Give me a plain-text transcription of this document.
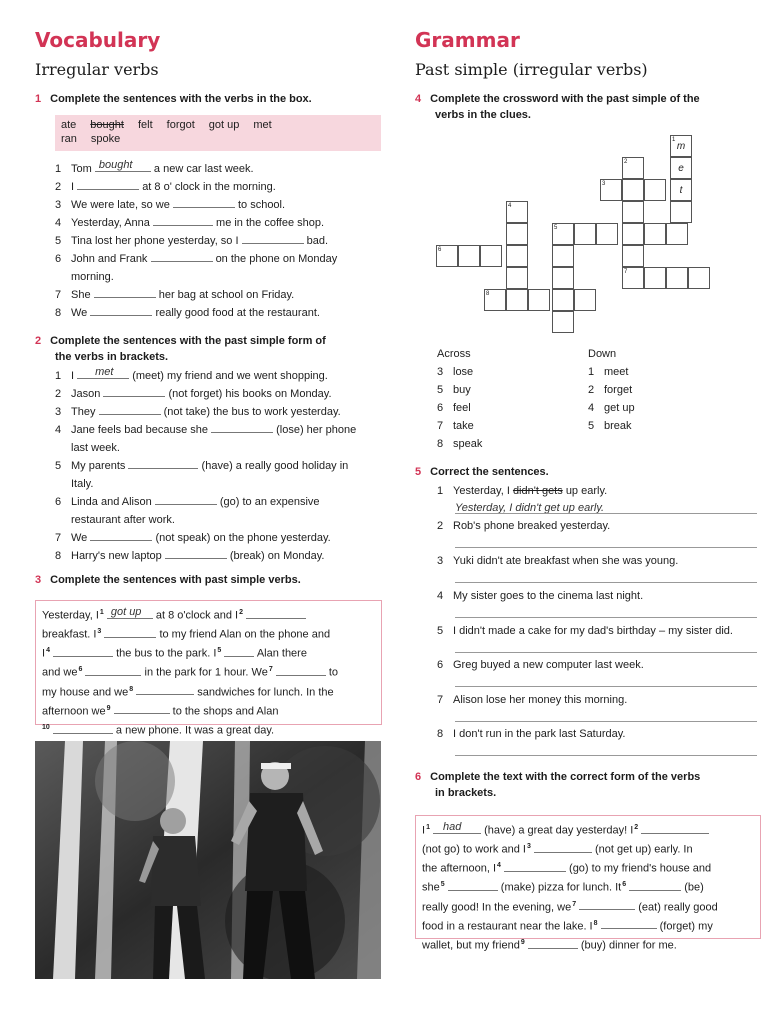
Vocabulary
Irregular verbs
1 Complete the sentences with the verbs in the box.
ate bought felt forgot got up met
ran spoke
1 Tom bought a new car last week.
2 I	at 8 o' clock in the morning.
3 We were late, so we	to school.
4 Yesterday, Anna	me in the coffee shop.
5 Tina lost her phone yesterday, so I	bad.
6 John and Frank	on the phone on Monday
morning.
7 She	her bag at school on Friday.
8 We	really good food at the restaurant.
2 Complete the sentences with the past simple form of
the verbs in brackets.
1 I met (meet) my friend and we went shopping.
2 Jason	(not forget) his books on Monday.
3 They	(not take) the bus to work yesterday.
4 Jane feels bad because she	(lose) her phone
last week.
5 My parents	(have) a really good holiday in
Italy.
6 Linda and Alison	(go) to an expensive
restaurant after work.
7 We	(not speak) on the phone yesterday.
8 Harry's new laptop	(break) on Monday.
3 Complete the sentences with past simple verbs.
Yesterday, $I^1$ got up at 8 o'clock and $I^2$
breakfast. $I^3$	to my friend Alan on the phone and
$I^4$	the bus to the park. $I^5$	Alan there
and $we^6$	in the park for 1 hour. We$^7$	to
my house and $we^8$	sandwiches for lunch. In the
afternoon $we^9$	to the shops and Alan
$^{10}$	a new phone. It was a great day.
Grammar
Past simple (irregular verbs)
4 Complete the crossword with the past simple of the
verbs in the clues.
1
m
e
t
2
3
4
5
6
7
8
Across
3 lose
5 buy
6 feel
7 take
8 speak
Down
1 meet
2 forget
4 get up
5 break
5 Correct the sentences.
1 Yesterday, I didn't gets up early.
Yesterday, I didn't get up early.
2 Rob's phone breaked yesterday.
3 Yuki didn't ate breakfast when she was young.
4 My sister goes to the cinema last night.
5 I didn't made a cake for my dad's birthday – my sister did.
6 Greg buyed a new computer last week.
7 Alison lose her money this morning.
8 I don't run in the park last Saturday.
6 Complete the text with the correct form of the verbs
in brackets.
$I^1$ had (have) a great day yesterday! $I^2$
(not go) to work and $I^3$	(not get up) early. In
the afternoon, $I^4$	(go) to my friend's house and
she$^5$	(make) pizza for lunch. It$^6$	(be)
really good! In the evening, $we^7$	(eat) really good
food in a restaurant near the lake. $I^8$	(forget) my
wallet, but my friend$^9$	(buy) dinner for me.
